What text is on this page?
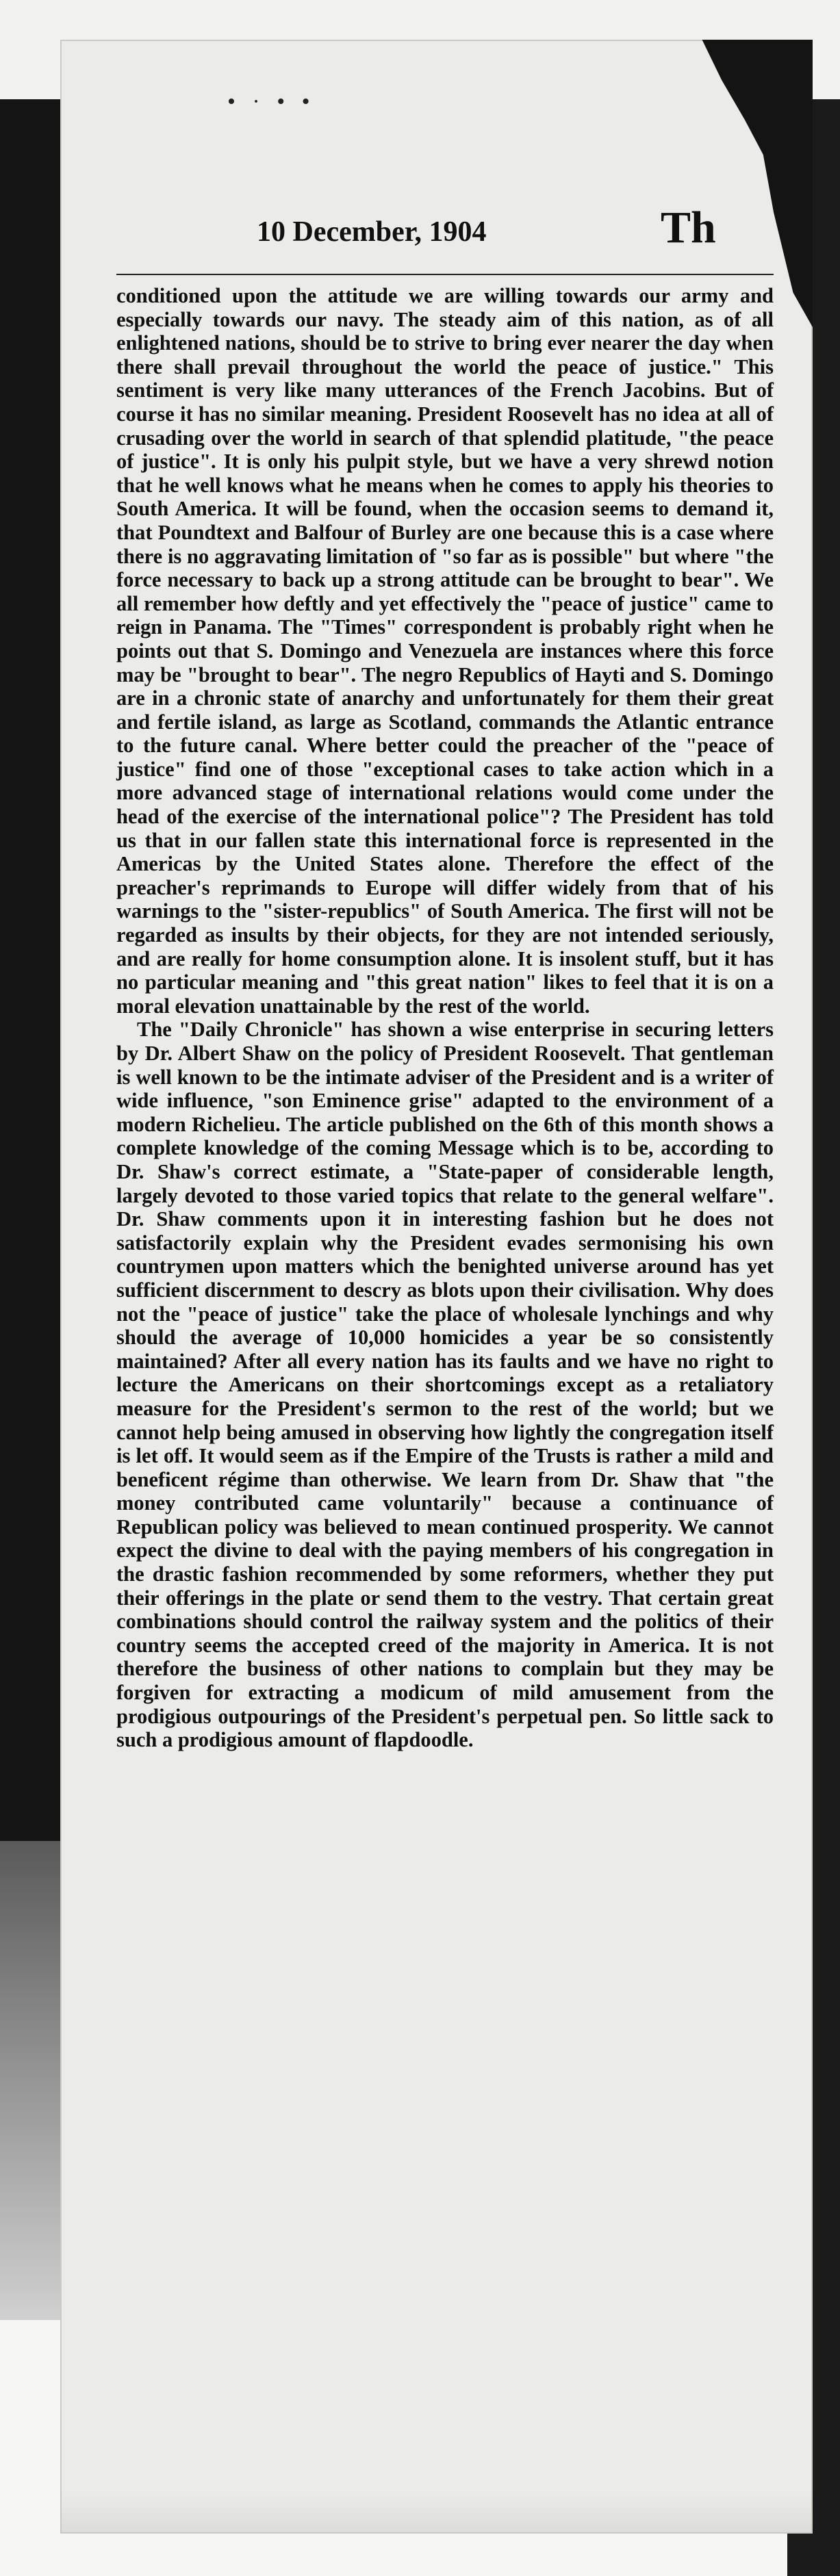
• · • •
10 December, 1904	Th

conditioned upon the attitude we are willing towards our army and especially towards our navy. The steady aim of this nation, as of all enlightened nations, should be to strive to bring ever nearer the day when there shall prevail throughout the world the peace of justice." This sentiment is very like many utterances of the French Jacobins. But of course it has no similar meaning. President Roosevelt has no idea at all of crusading over the world in search of that splendid platitude, "the peace of justice". It is only his pulpit style, but we have a very shrewd notion that he well knows what he means when he comes to apply his theories to South America. It will be found, when the occasion seems to demand it, that Poundtext and Balfour of Burley are one because this is a case where there is no aggravating limitation of "so far as is possible" but where "the force necessary to back up a strong attitude can be brought to bear". We all remember how deftly and yet effectively the "peace of justice" came to reign in Panama. The "Times" correspondent is probably right when he points out that S. Domingo and Venezuela are instances where this force may be "brought to bear". The negro Republics of Hayti and S. Domingo are in a chronic state of anarchy and unfortunately for them their great and fertile island, as large as Scotland, commands the Atlantic entrance to the future canal. Where better could the preacher of the "peace of justice" find one of those "exceptional cases to take action which in a more advanced stage of international relations would come under the head of the exercise of the international police"? The President has told us that in our fallen state this international force is represented in the Americas by the United States alone. Therefore the effect of the preacher's reprimands to Europe will differ widely from that of his warnings to the "sister-republics" of South America. The first will not be regarded as insults by their objects, for they are not intended seriously, and are really for home consumption alone. It is insolent stuff, but it has no particular meaning and "this great nation" likes to feel that it is on a moral elevation unattainable by the rest of the world.

The "Daily Chronicle" has shown a wise enterprise in securing letters by Dr. Albert Shaw on the policy of President Roosevelt. That gentleman is well known to be the intimate adviser of the President and is a writer of wide influence, "son Eminence grise" adapted to the environment of a modern Richelieu. The article published on the 6th of this month shows a complete knowledge of the coming Message which is to be, according to Dr. Shaw's correct estimate, a "State-paper of considerable length, largely devoted to those varied topics that relate to the general welfare". Dr. Shaw comments upon it in interesting fashion but he does not satisfactorily explain why the President evades sermonising his own countrymen upon matters which the benighted universe around has yet sufficient discernment to descry as blots upon their civilisation. Why does not the "peace of justice" take the place of wholesale lynchings and why should the average of 10,000 homicides a year be so consistently maintained? After all every nation has its faults and we have no right to lecture the Americans on their shortcomings except as a retaliatory measure for the President's sermon to the rest of the world; but we cannot help being amused in observing how lightly the congregation itself is let off. It would seem as if the Empire of the Trusts is rather a mild and beneficent régime than otherwise. We learn from Dr. Shaw that "the money contributed came voluntarily" because a continuance of Republican policy was believed to mean continued prosperity. We cannot expect the divine to deal with the paying members of his congregation in the drastic fashion recommended by some reformers, whether they put their offerings in the plate or send them to the vestry. That certain great combinations should control the railway system and the politics of their country seems the accepted creed of the majority in America. It is not therefore the business of other nations to complain but they may be forgiven for extracting a modicum of mild amusement from the prodigious outpourings of the President's perpetual pen. So little sack to such a prodigious amount of flapdoodle.
